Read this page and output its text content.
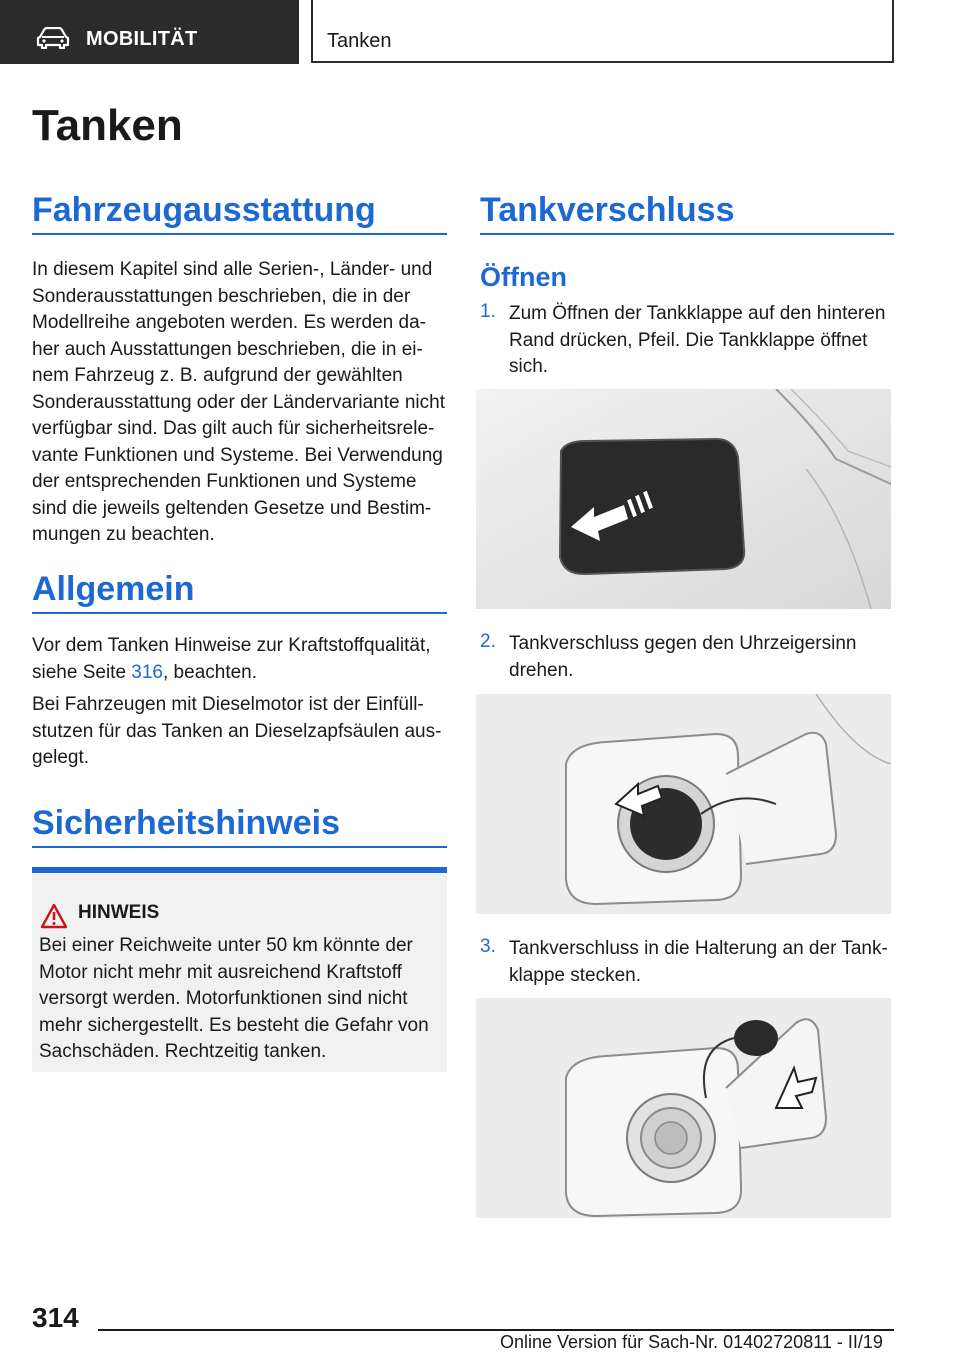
MOBILITÄT	Tanken
Tanken
Fahrzeugausstattung
In diesem Kapitel sind alle Serien-, Länder- und
Sonderausstattungen beschrieben, die in der
Modellreihe angeboten werden. Es werden da-
her auch Ausstattungen beschrieben, die in ei-
nem Fahrzeug z. B. aufgrund der gewählten
Sonderausstattung oder der Ländervariante nicht
verfügbar sind. Das gilt auch für sicherheitsrele-
vante Funktionen und Systeme. Bei Verwendung
der entsprechenden Funktionen und Systeme
sind die jeweils geltenden Gesetze und Bestim-
mungen zu beachten.
Allgemein
Vor dem Tanken Hinweise zur Kraftstoffqualität,
siehe Seite 316, beachten.
Bei Fahrzeugen mit Dieselmotor ist der Einfüll-
stutzen für das Tanken an Dieselzapfsäulen aus-
gelegt.
Sicherheitshinweis
HINWEIS
Bei einer Reichweite unter 50 km könnte der
Motor nicht mehr mit ausreichend Kraftstoff
versorgt werden. Motorfunktionen sind nicht
mehr sichergestellt. Es besteht die Gefahr von
Sachschäden. Rechtzeitig tanken.
Tankverschluss
Öffnen
1. Zum Öffnen der Tankklappe auf den hinteren
Rand drücken, Pfeil. Die Tankklappe öffnet
sich.
2. Tankverschluss gegen den Uhrzeigersinn
drehen.
3. Tankverschluss in die Halterung an der Tank-
klappe stecken.
314
Online Version für Sach-Nr. 01402720811 - II/19
